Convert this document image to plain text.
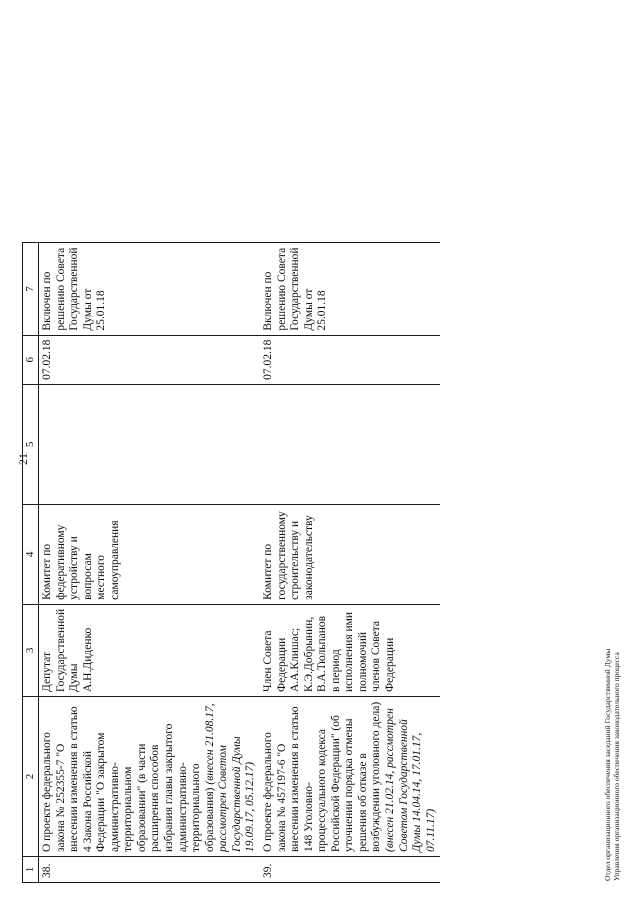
21
1	2	3	4	5	6	7
38.	О проекте федерального закона № 252355-7 "О внесении изменения в статью 4 Закона Российской Федерации "О закрытом административно-территориальном образовании" (в части расширения способов избрания главы закрытого административно-территориального образования) (внесен 21.08.17, рассмотрен Советом Государственной Думы 19.09.17, 05.12.17)	Депутат Государственной Думы А.Н.Диденко	Комитет по федеративному устройству и вопросам местного самоуправления		07.02.18	Включен по решению Совета Государственной Думы от 25.01.18
39.	О проекте федерального закона № 457197-6 "О внесении изменения в статью 148 Уголовно-процессуального кодекса Российской Федерации" (об уточнении порядка отмены решения об отказе в возбуждении уголовного дела) (внесен 21.02.14, рассмотрен Советом Государственной Думы 14.04.14, 17.01.17, 07.11.17)	Член Совета Федерации А.А.Клишас; К.Э.Добрынин, В.А.Тюльпанов в период исполнения ими полномочий членов Совета Федерации	Комитет по государственному строительству и законодательству		07.02.18	Включен по решению Совета Государственной Думы от 25.01.18
Отдел организационного обеспечения заседаний Государственной Думы Управления организационного обеспечения законодательного процесса
